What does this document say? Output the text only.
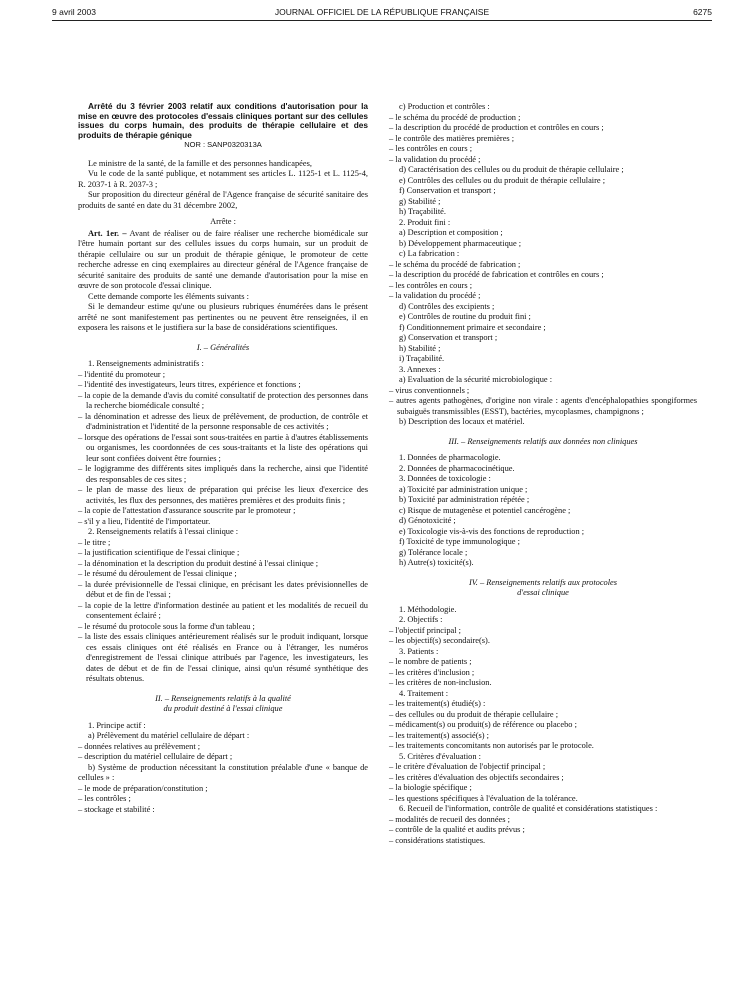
9 avril 2003	JOURNAL OFFICIEL DE LA RÉPUBLIQUE FRANÇAISE	6275

Arrêté du 3 février 2003 relatif aux conditions d'autorisation pour la mise en œuvre des protocoles d'essais cliniques portant sur des cellules issues du corps humain, des produits de thérapie cellulaire et des produits de thérapie génique

NOR : SANP0320313A

Le ministre de la santé, de la famille et des personnes handicapées,

Vu le code de la santé publique, et notamment ses articles L. 1125-1 et L. 1125-4, R. 2037-1 à R. 2037-3 ;

Sur proposition du directeur général de l'Agence française de sécurité sanitaire des produits de santé en date du 31 décembre 2002,

Arrête :

Art. 1er. – Avant de réaliser ou de faire réaliser une recherche biomédicale sur l'être humain portant sur des cellules issues du corps humain, sur un produit de thérapie cellulaire ou sur un produit de thérapie génique, le promoteur de cette recherche adresse en cinq exemplaires au directeur général de l'Agence française de sécurité sanitaire des produits de santé une demande d'autorisation pour la mise en œuvre de son protocole d'essai clinique.

Cette demande comporte les éléments suivants :

Si le demandeur estime qu'une ou plusieurs rubriques énumérées dans le présent arrêté ne sont manifestement pas pertinentes ou ne peuvent être renseignées, il en exposera les raisons et le justifiera sur la base de considérations scientifiques.

I. – Généralités

1. Renseignements administratifs :

– l'identité du promoteur ;

– l'identité des investigateurs, leurs titres, expérience et fonctions ;

– la copie de la demande d'avis du comité consultatif de protection des personnes dans la recherche biomédicale consulté ;

– la dénomination et adresse des lieux de prélèvement, de production, de contrôle et d'administration et l'identité de la personne responsable de ces activités ;

– lorsque des opérations de l'essai sont sous-traitées en partie à d'autres établissements ou organismes, les coordonnées de ces sous-traitants et la liste des opérations qui leur sont confiées doivent être fournies ;

– le logigramme des différents sites impliqués dans la recherche, ainsi que l'identité des responsables de ces sites ;

– le plan de masse des lieux de préparation qui précise les lieux d'exercice des activités, les flux des personnes, des matières premières et des produits finis ;

– la copie de l'attestation d'assurance souscrite par le promoteur ;

– s'il y a lieu, l'identité de l'importateur.

2. Renseignements relatifs à l'essai clinique :

– le titre ;

– la justification scientifique de l'essai clinique ;

– la dénomination et la description du produit destiné à l'essai clinique ;

– le résumé du déroulement de l'essai clinique ;

– la durée prévisionnelle de l'essai clinique, en précisant les dates prévisionnelles de début et de fin de l'essai ;

– la copie de la lettre d'information destinée au patient et les modalités de recueil du consentement éclairé ;

– le résumé du protocole sous la forme d'un tableau ;

– la liste des essais cliniques antérieurement réalisés sur le produit indiquant, lorsque ces essais cliniques ont été réalisés en France ou à l'étranger, les numéros d'enregistrement de l'essai clinique attribués par l'agence, les investigateurs, les dates de début et de fin de l'essai clinique, ainsi qu'un résumé synthétique des résultats obtenus.

II. – Renseignements relatifs à la qualité

du produit destiné à l'essai clinique

1. Principe actif :

a) Prélèvement du matériel cellulaire de départ :

– données relatives au prélèvement ;

– description du matériel cellulaire de départ ;

b) Système de production nécessitant la constitution préalable d'une « banque de cellules » :

– le mode de préparation/constitution ;

– les contrôles ;

– stockage et stabilité :

c) Production et contrôles :

– le schéma du procédé de production ;

– la description du procédé de production et contrôles en cours ;

– le contrôle des matières premières ;

– les contrôles en cours ;

– la validation du procédé ;

d) Caractérisation des cellules ou du produit de thérapie cellulaire ;

e) Contrôles des cellules ou du produit de thérapie cellulaire ;

f) Conservation et transport ;

g) Stabilité ;

h) Traçabilité.

2. Produit fini :

a) Description et composition ;

b) Développement pharmaceutique ;

c) La fabrication :

– le schéma du procédé de fabrication ;

– la description du procédé de fabrication et contrôles en cours ;

– les contrôles en cours ;

– la validation du procédé ;

d) Contrôles des excipients ;

e) Contrôles de routine du produit fini ;

f) Conditionnement primaire et secondaire ;

g) Conservation et transport ;

h) Stabilité ;

i) Traçabilité.

3. Annexes :

a) Evaluation de la sécurité microbiologique :

– virus conventionnels ;

– autres agents pathogènes, d'origine non virale : agents d'encéphalopathies spongiformes subaiguës transmissibles (ESST), bactéries, mycoplasmes, champignons ;

b) Description des locaux et matériel.

III. – Renseignements relatifs aux données non cliniques

1. Données de pharmacologie.

2. Données de pharmacocinétique.

3. Données de toxicologie :

a) Toxicité par administration unique ;

b) Toxicité par administration répétée ;

c) Risque de mutagenèse et potentiel cancérogène ;

d) Génotoxicité ;

e) Toxicologie vis-à-vis des fonctions de reproduction ;

f) Toxicité de type immunologique ;

g) Tolérance locale ;

h) Autre(s) toxicité(s).

IV. – Renseignements relatifs aux protocoles

d'essai clinique

1. Méthodologie.

2. Objectifs :

– l'objectif principal ;

– les objectif(s) secondaire(s).

3. Patients :

– le nombre de patients ;

– les critères d'inclusion ;

– les critères de non-inclusion.

4. Traitement :

– les traitement(s) étudié(s) :

– des cellules ou du produit de thérapie cellulaire ;

– médicament(s) ou produit(s) de référence ou placebo ;

– les traitement(s) associé(s) ;

– les traitements concomitants non autorisés par le protocole.

5. Critères d'évaluation :

– le critère d'évaluation de l'objectif principal ;

– les critères d'évaluation des objectifs secondaires ;

– la biologie spécifique ;

– les questions spécifiques à l'évaluation de la tolérance.

6. Recueil de l'information, contrôle de qualité et considérations statistiques :

– modalités de recueil des données ;

– contrôle de la qualité et audits prévus ;

– considérations statistiques.
